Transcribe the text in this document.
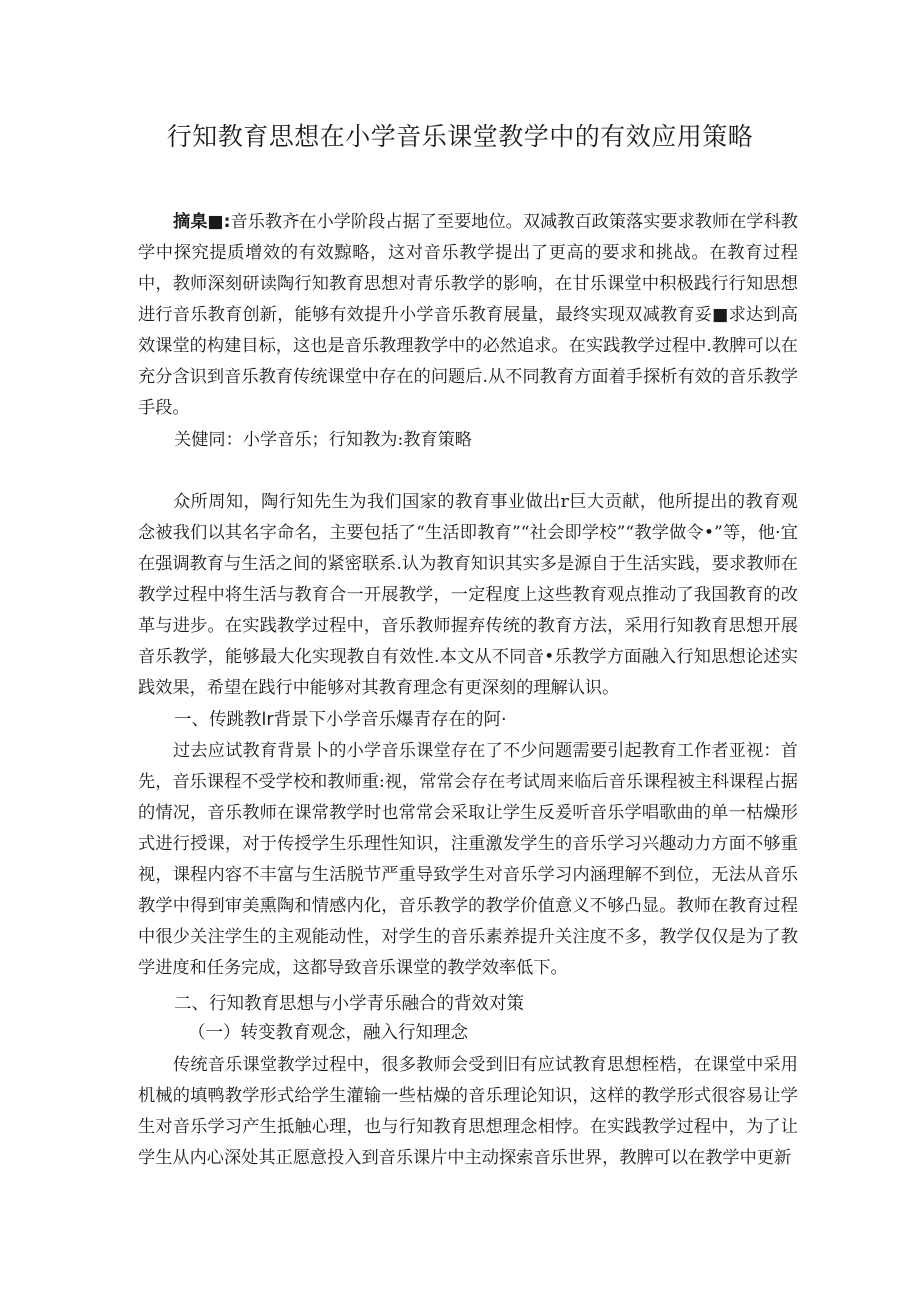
行知教育思想在小学音乐课堂教学中的有效应用策略
摘臬■:音乐教齐在小学阶段占据了至要地位。双减教百政策落实要求教师在学科教学中探究提质增效的有效黥略，这对音乐教学提出了更高的要求和挑战。在教育过程中，教师深刻研读陶行知教育思想对青乐教学的影响，在甘乐课堂中积极践行行知思想进行音乐教育创新，能够有效提升小学音乐教育展量，最终实现双减教育妥■求达到高效课堂的构建目标，这也是音乐教理教学中的必然追求。在实践教学过程中.教脾可以在充分含识到音乐教育传统课堂中存在的问题后.从不同教育方面着手探析有效的音乐教学手段。
关健同：小学音乐；行知教为:教育策略
众所周知，陶行知先生为我们国家的教育事业做出r巨大贡献，他所提出的教育观念被我们以其名字命名，主要包括了“生活即教育”“社会即学校”“教学做令•”等，他·宜在强调教育与生活之间的紧密联系.认为教育知识其实多是源自于生活实践，要求教师在教学过程中将生活与教育合一开展教学，一定程度上这些教育观点推动了我国教育的改革与进步。在实践教学过程中，音乐教师握弃传统的教育方法，采用行知教育思想开展音乐教学，能够最大化实现教自有效性.本文从不同音•乐教学方面融入行知思想论述实践效果，希望在践行中能够对其教育理念有更深刻的理解认识。
一、传跳教lr背景下小学音乐爆青存在的阿·
过去应试教育背景卜的小学音乐课堂存在了不少问题需要引起教育工作者亚视：首先，音乐课程不受学校和教师重:视，常常会存在考试周来临后音乐课程被主科课程占据的情况，音乐教师在课常教学时也常常会采取让学生反爰听音乐学唱歌曲的单一枯燥形式进行授课，对于传授学生乐理性知识，注重激发学生的音乐学习兴趣动力方面不够重视，课程内容不丰富与生活脱节严重导致学生对音乐学习内涵理解不到位，无法从音乐教学中得到审美熏陶和情感内化，音乐教学的教学价值意义不够凸显。教师在教育过程中很少关注学生的主观能动性，对学生的音乐素养提升关注度不多，教学仅仅是为了教学进度和任务完成，这都导致音乐课堂的教学效率低下。
二、行知教育思想与小学青乐融合的背效对策
（一）转变教育观念，融入行知理念
传统音乐课堂教学过程中，很多教师会受到旧有应试教育思想桎梏，在课堂中采用机械的填鸭教学形式给学生灌输一些枯燥的音乐理论知识，这样的教学形式很容易让学生对音乐学习产生抵触心理，也与行知教育思想理念相悖。在实践教学过程中，为了让学生从内心深处其正愿意投入到音乐课片中主动探索音乐世界，教脾可以在教学中更新
